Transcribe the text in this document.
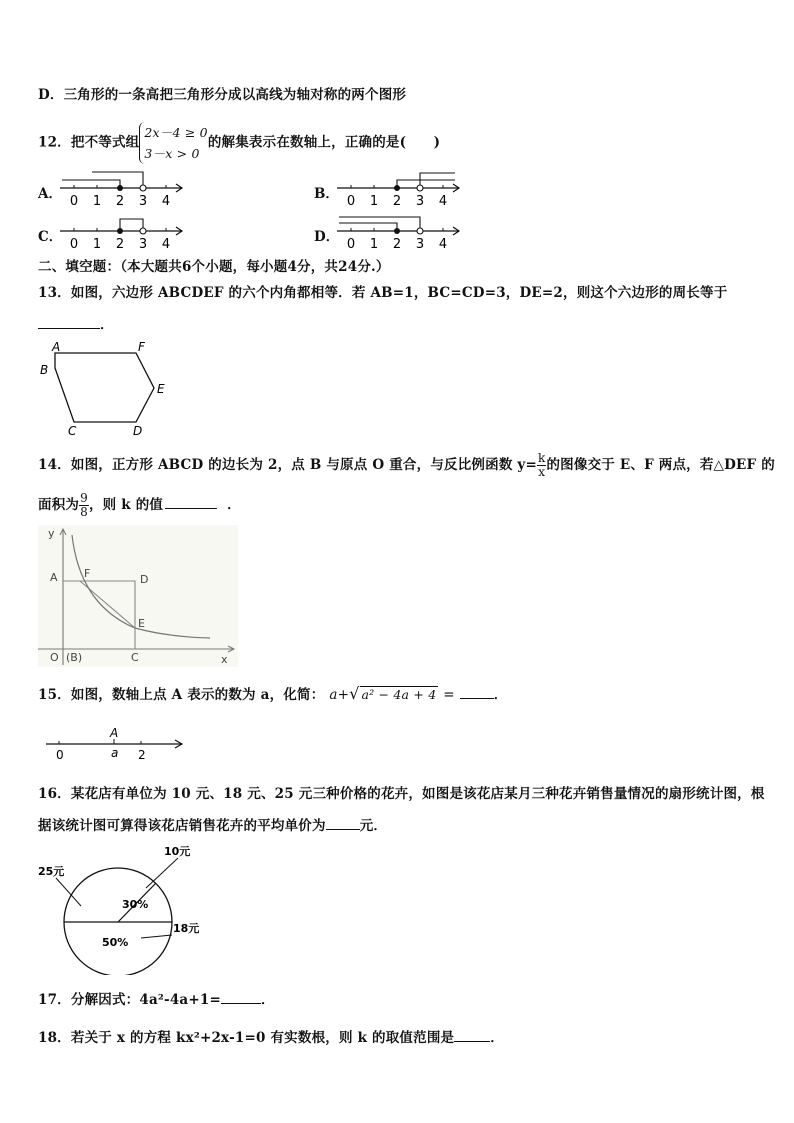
D．三角形的一条高把三角形分成以高线为轴对称的两个图形
12．把不等式组
2x－4 ≥ 0
3－x > 0
的解集表示在数轴上，正确的是(　　)
A．	B．
C．	D．
0 1 2 3 4	0 1 2 3 4
0 1 2 3 4	0 1 2 3 4
二、填空题：（本大题共6个小题，每小题4分，共24分.）
13．如图，六边形 ABCDEF 的六个内角都相等．若 AB=1，BC=CD=3，DE=2，则这个六边形的周长等于
．
A	F
B
E
C	D
14．如图，正方形 ABCD 的边长为 2，点 B 与原点 O 重合，与反比例函数 $y= \frac{k}{x}$ 的图像交于 E、F 两点，若△DEF 的
面积为 $\frac{9}{8}$ ，则 k 的值	．
y
x
A F	D
E
O (B)	C
15．如图，数轴上点 A 表示的数为 a，化简： a+√ a² − 4a + 4 =	．
A
a
0	2
16．某花店有单位为 10 元、18 元、25 元三种价格的花卉，如图是该花店某月三种花卉销售量情况的扇形统计图，根
据该统计图可算得该花店销售花卉的平均单价为	元．
10元
25元
18元
30%
50%
17．分解因式：4a²-4a+1=	．
18．若关于 x 的方程 kx²+2x-1=0 有实数根，则 k 的取值范围是	．
